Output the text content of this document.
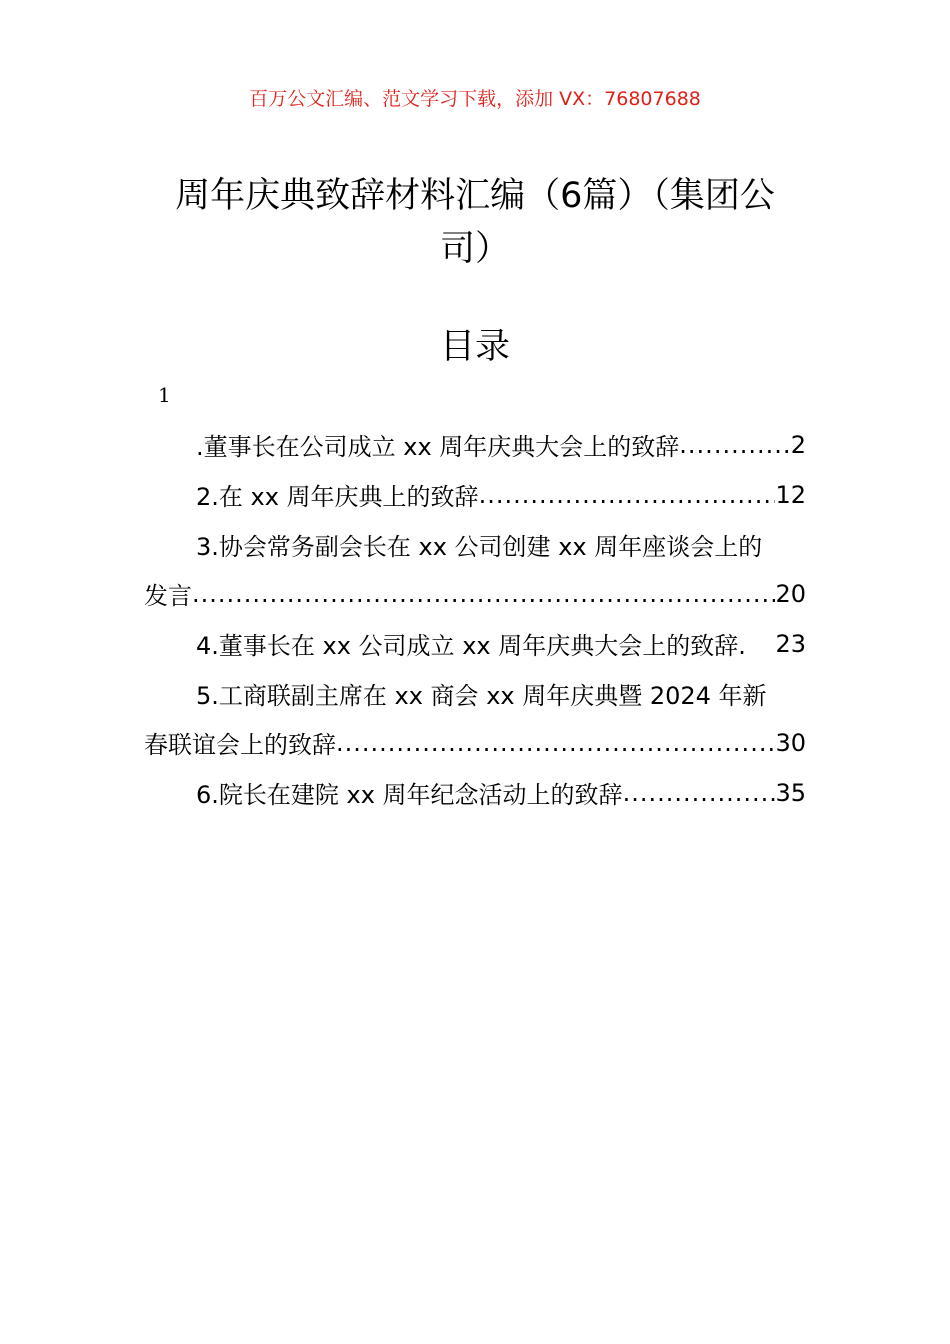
百万公文汇编、范文学习下载，添加 VX：76807688
周年庆典致辞材料汇编（6篇）（集团公
司）
目录
1
.董事长在公司成立 xx 周年庆典大会上的致辞 .....	2
2.在 xx 周年庆典上的致辞 .....	12
3.协会常务副会长在 xx 公司创建 xx 周年座谈会上的
发言 .....	20
4.董事长在 xx 公司成立 xx 周年庆典大会上的致辞. 23
5.工商联副主席在 xx 商会 xx 周年庆典暨 2024 年新
春联谊会上的致辞 .....	30
6.院长在建院 xx 周年纪念活动上的致辞 .....	35
